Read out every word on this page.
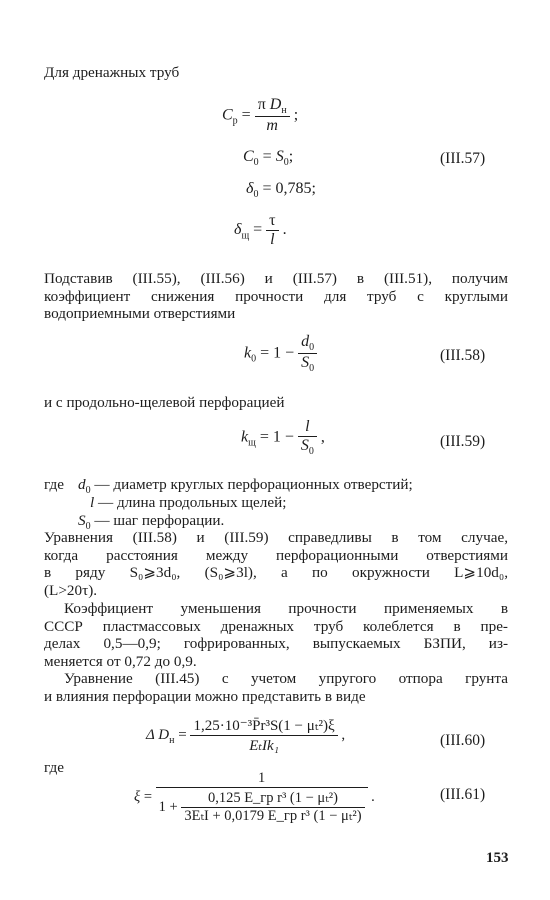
Для дренажных труб
$C_р = \frac{\pi D_н}{m}$ ;
$C_0 = S_0$;	(III.57)
$\delta_0 = 0,785$;
$\delta_щ = \frac{\tau}{l}$ .
Подставив (III.55), (III.56) и (III.57) в (III.51), получим
коэффициент снижения прочности для труб с круглыми
водоприемными отверстиями
$k_0 = 1 - \frac{d_0}{S_0}$	(III.58)
и с продольно-щелевой перфорацией
$k_щ = 1 - \frac{l}{S_0}$ ,	(III.59)
где $d_0$ — диаметр круглых перфорационных отверстий;
l — длина продольных щелей;
$S_0$ — шаг перфорации.
Уравнения (III.58) и (III.59) справедливы в том случае,
когда расстояния между перфорационными отверстиями
в ряду S₀⩾3d₀, (S₀⩾3l), а по окружности L⩾10d₀,
(L>20τ).
Коэффициент уменьшения прочности применяемых в
СССР пластмассовых дренажных труб колеблется в пре-
делах 0,5—0,9; гофрированных, выпускаемых БЗПИ, из-
меняется от 0,72 до 0,9.
Уравнение (III.45) с учетом упругого отпора грунта
и влияния перфорации можно представить в виде
Δ $D_н = \frac{\text{1,25·10⁻³P̄r³S(1 − μₜ²)ξ}}{\text{EₜIk₁}}$ ,	(III.60)
где
ξ =
1
$1 + \frac{\text{0,125 E\_гр r³ (1 − μₜ²)}}{\text{3EₜI + 0,0179 E\_гр r³ (1 − μₜ²)}}$ .	(III.61)
153
